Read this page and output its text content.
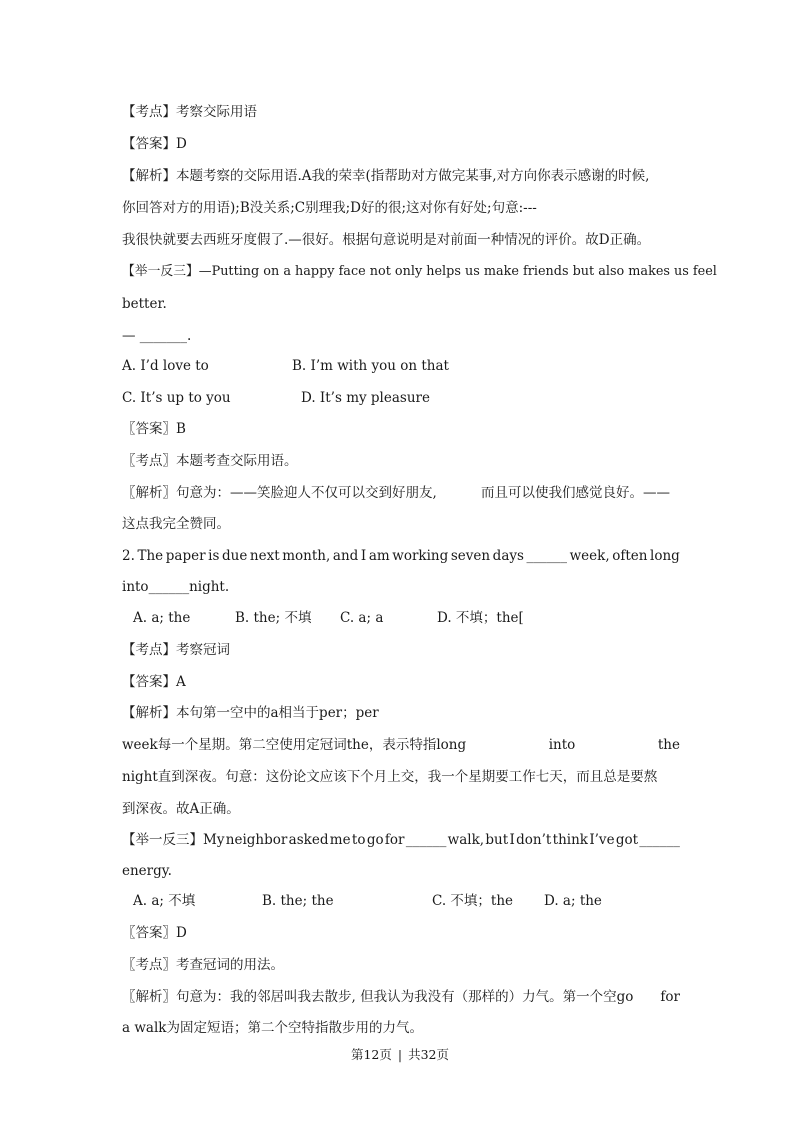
【考点】考察交际用语
【答案】D
【解析】本题考察的交际用语.A我的荣幸(指帮助对方做完某事,对方向你表示感谢的时候,
你回答对方的用语);B没关系;C别理我;D好的很;这对你有好处;句意:---
我很快就要去西班牙度假了.—很好。根据句意说明是对前面一种情况的评价。故D正确。
【举一反三】—Putting on a happy face not only helps us make friends but also makes us feel
better.
— _______.
A. I’d love to	B. I’m with you on that
C. It’s up to you	D. It’s my pleasure
〖答案〗B
〖考点〗本题考查交际用语。
〖解析〗句意为：——笑脸迎人不仅可以交到好朋友,	而且可以使我们感觉良好。——
这点我完全赞同。
2. The paper is due next month, and I am working seven days ______ week, often long
into______night.
A. a; the	B. the; 不填 C. a; a	D. 不填；the[
【考点】考察冠词
【答案】A
【解析】本句第一空中的a相当于per；per
week每一个星期。第二空使用定冠词the，表示特指long	into	the
night直到深夜。句意：这份论文应该下个月上交，我一个星期要工作七天，而且总是要熬
到深夜。故A正确。
【举一反三】My neighbor asked me to go for ______ walk, but I don’t think I’ve got ______
energy.
A. a; 不填	B. the; the	C. 不填；the D. a; the
〖答案〗D
〖考点〗考查冠词的用法。
〖解析〗句意为：我的邻居叫我去散步, 但我认为我没有（那样的）力气。第一个空go for
a walk为固定短语；第二个空特指散步用的力气。
第12页 | 共32页
